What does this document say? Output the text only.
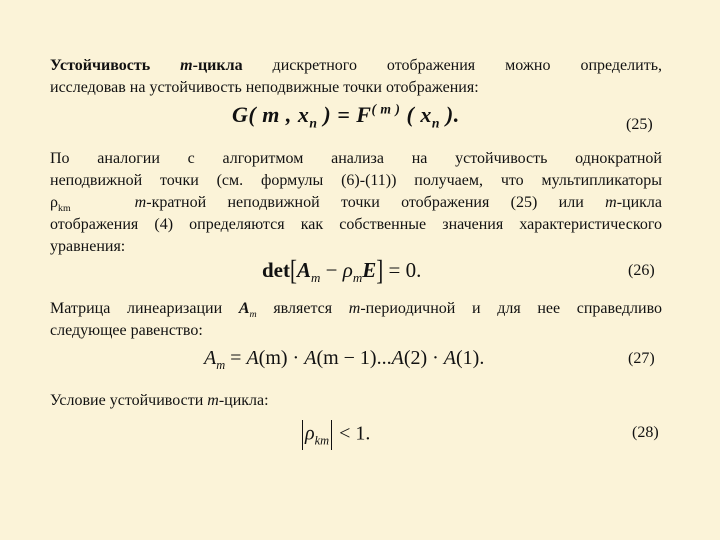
Устойчивость m-цикла дискретного отображения можно определить,
исследовав на устойчивость неподвижные точки отображения:
G( m , $x_n$ ) = $F^{( m )}$ ( $x_n$ ).	(25)
По аналогии с алгоритмом анализа на устойчивость однократной
неподвижной точки (см. формулы (6)-(11)) получаем, что мультипликаторы
$\rho_{km}$	m-кратной неподвижной точки отображения (25) или m-цикла
отображения (4) определяются как собственные значения характеристического
уравнения:
$\det[A_m - \rho_mE] = 0$.	(26)
Матрица линеаризации $A_m$ является m-периодичной и для нее справедливо
следующее равенство:
$A_m = A(m) \cdot A(m - 1)...A(2) \cdot A(1)$.	(27)
Условие устойчивости m-цикла:
$\rho_{km} < 1$.	(28)
